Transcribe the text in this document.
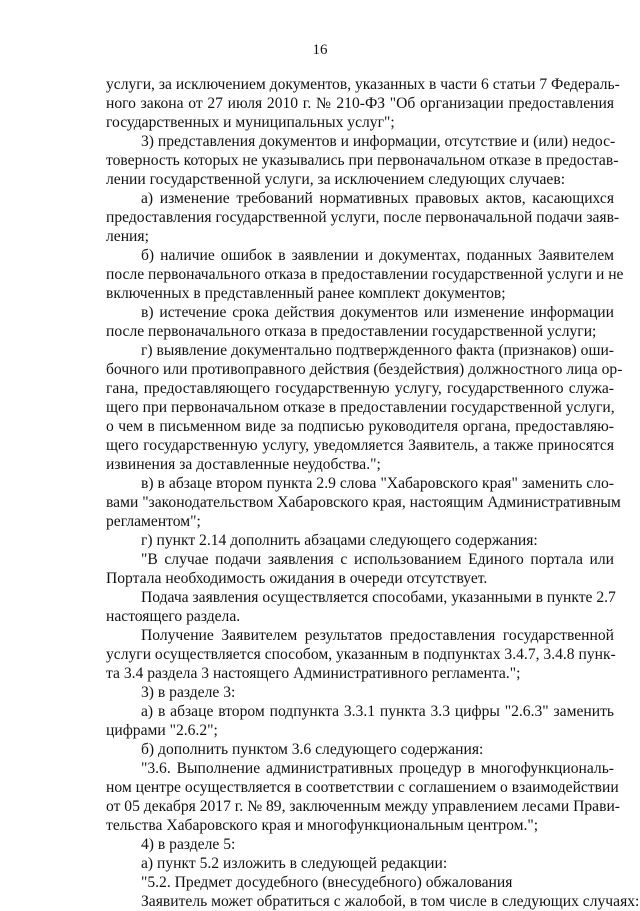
16
услуги, за исключением документов, указанных в части 6 статьи 7 Федераль-
ного закона от 27 июля 2010 г. № 210-ФЗ "Об организации предоставления
государственных и муниципальных услуг";
3) представления документов и информации, отсутствие и (или) недос-
товерность которых не указывались при первоначальном отказе в предостав-
лении государственной услуги, за исключением следующих случаев:
а) изменение требований нормативных правовых актов, касающихся
предоставления государственной услуги, после первоначальной подачи заяв-
ления;
б) наличие ошибок в заявлении и документах, поданных Заявителем
после первоначального отказа в предоставлении государственной услуги и не
включенных в представленный ранее комплект документов;
в) истечение срока действия документов или изменение информации
после первоначального отказа в предоставлении государственной услуги;
г) выявление документально подтвержденного факта (признаков) оши-
бочного или противоправного действия (бездействия) должностного лица ор-
гана, предоставляющего государственную услугу, государственного служа-
щего при первоначальном отказе в предоставлении государственной услуги,
о чем в письменном виде за подписью руководителя органа, предоставляю-
щего государственную услугу, уведомляется Заявитель, а также приносятся
извинения за доставленные неудобства.";
в) в абзаце втором пункта 2.9 слова "Хабаровского края" заменить сло-
вами "законодательством Хабаровского края, настоящим Административным
регламентом";
г) пункт 2.14 дополнить абзацами следующего содержания:
"В случае подачи заявления с использованием Единого портала или
Портала необходимость ожидания в очереди отсутствует.
Подача заявления осуществляется способами, указанными в пункте 2.7
настоящего раздела.
Получение Заявителем результатов предоставления государственной
услуги осуществляется способом, указанным в подпунктах 3.4.7, 3.4.8 пунк-
та 3.4 раздела 3 настоящего Административного регламента.";
3) в разделе 3:
а) в абзаце втором подпункта 3.3.1 пункта 3.3 цифры "2.6.3" заменить
цифрами "2.6.2";
б) дополнить пунктом 3.6 следующего содержания:
"3.6. Выполнение административных процедур в многофункциональ-
ном центре осуществляется в соответствии с соглашением о взаимодействии
от 05 декабря 2017 г. № 89, заключенным между управлением лесами Прави-
тельства Хабаровского края и многофункциональным центром.";
4) в разделе 5:
а) пункт 5.2 изложить в следующей редакции:
"5.2. Предмет досудебного (внесудебного) обжалования
Заявитель может обратиться с жалобой, в том числе в следующих случаях:
